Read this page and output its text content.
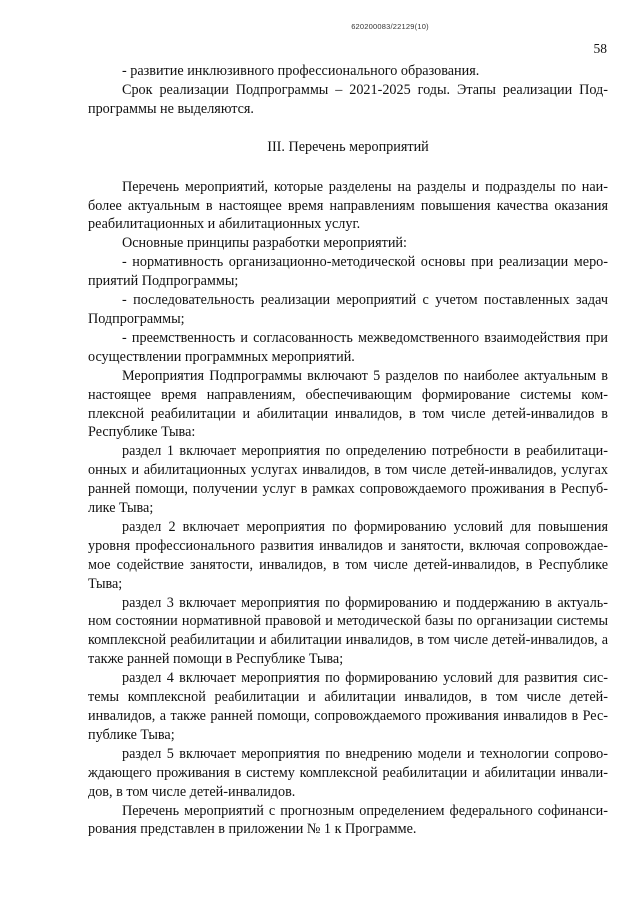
620200083/22129(10)
58

- развитие инклюзивного профессионального образования.

Срок реализации Подпрограммы – 2021-2025 годы. Этапы реализации Подпрограммы не выделяются.

III. Перечень мероприятий

Перечень мероприятий, которые разделены на разделы и подразделы по наиболее актуальным в настоящее время направлениям повышения качества оказания реабилитационных и абилитационных услуг.

Основные принципы разработки мероприятий:

- нормативность организационно-методической основы при реализации мероприятий Подпрограммы;

- последовательность реализации мероприятий с учетом поставленных задач Подпрограммы;

- преемственность и согласованность межведомственного взаимодействия при осуществлении программных мероприятий.

Мероприятия Подпрограммы включают 5 разделов по наиболее актуальным в настоящее время направлениям, обеспечивающим формирование системы комплексной реабилитации и абилитации инвалидов, в том числе детей-инвалидов в Республике Тыва:

раздел 1 включает мероприятия по определению потребности в реабилитационных и абилитационных услугах инвалидов, в том числе детей-инвалидов, услугах ранней помощи, получении услуг в рамках сопровождаемого проживания в Республике Тыва;

раздел 2 включает мероприятия по формированию условий для повышения уровня профессионального развития инвалидов и занятости, включая сопровождаемое содействие занятости, инвалидов, в том числе детей-инвалидов, в Республике Тыва;

раздел 3 включает мероприятия по формированию и поддержанию в актуальном состоянии нормативной правовой и методической базы по организации системы комплексной реабилитации и абилитации инвалидов, в том числе детей-инвалидов, а также ранней помощи в Республике Тыва;

раздел 4 включает мероприятия по формированию условий для развития системы комплексной реабилитации и абилитации инвалидов, в том числе детей-инвалидов, а также ранней помощи, сопровождаемого проживания инвалидов в Республике Тыва;

раздел 5 включает мероприятия по внедрению модели и технологии сопровождающего проживания в систему комплексной реабилитации и абилитации инвалидов, в том числе детей-инвалидов.

Перечень мероприятий с прогнозным определением федерального софинансирования представлен в приложении № 1 к Программе.
